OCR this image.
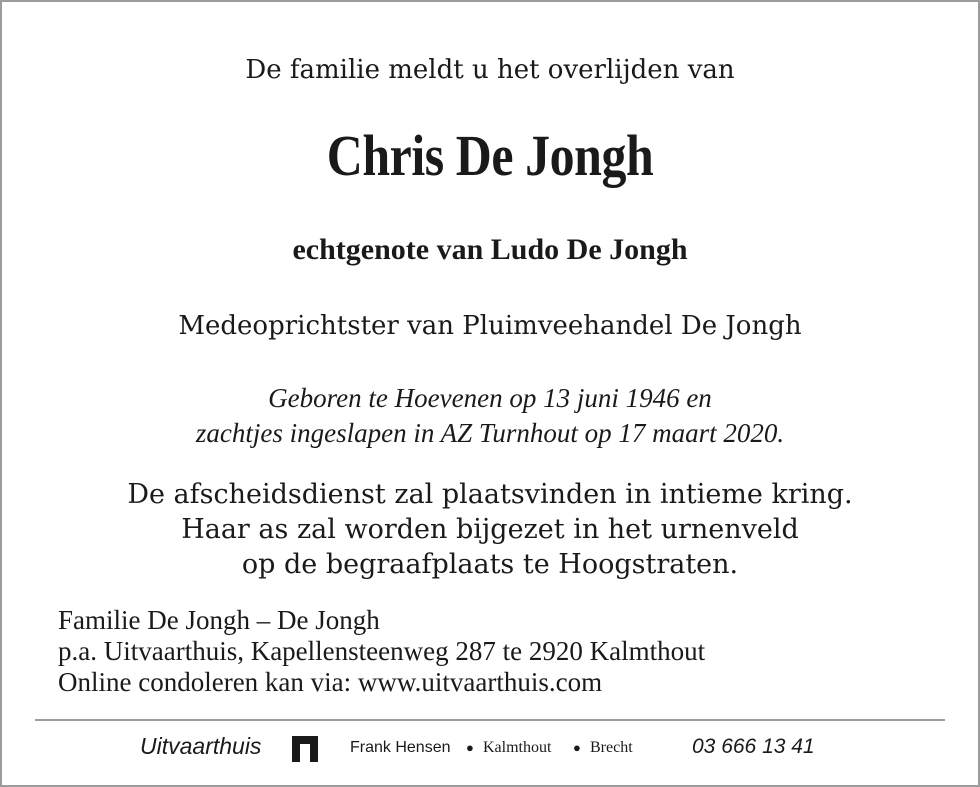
De familie meldt u het overlijden van
Chris De Jongh
echtgenote van Ludo De Jongh
Medeoprichtster van Pluimveehandel De Jongh
Geboren te Hoevenen op 13 juni 1946 en
zachtjes ingeslapen in AZ Turnhout op 17 maart 2020.
De afscheidsdienst zal plaatsvinden in intieme kring.
Haar as zal worden bijgezet in het urnenveld
op de begraafplaats te Hoogstraten.
Familie De Jongh – De Jongh
p.a. Uitvaarthuis, Kapellensteenweg 287 te 2920 Kalmthout
Online condoleren kan via: www.uitvaarthuis.com
Uitvaarthuis	Frank Hensen ● Kalmthout ● Brecht	03 666 13 41
